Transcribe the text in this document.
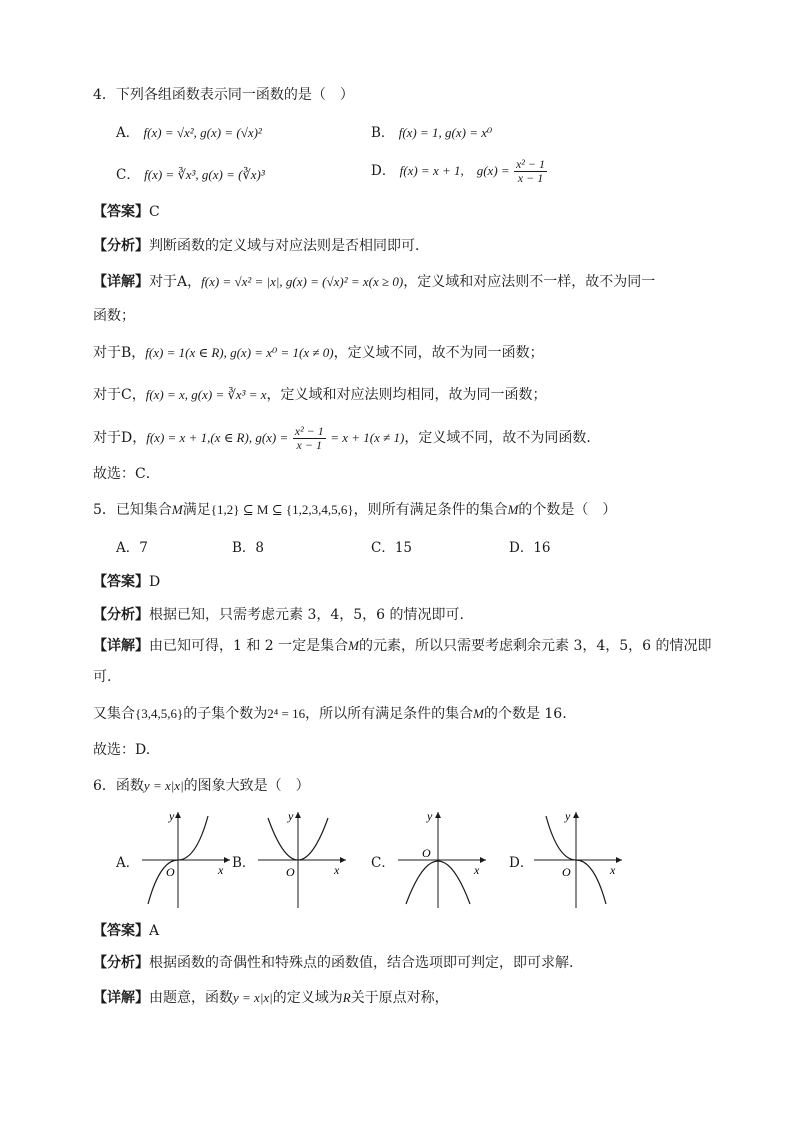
4．下列各组函数表示同一函数的是（　）
A． f(x) = √x², g(x) = (√x)²	B． f(x) = 1, g(x) = x⁰
C． f(x) = ∛x³, g(x) = (∛x)³	D． f(x) = x + 1,　$g(x) = \frac{\text{x² − 1}}{x - 1}$
【答案】C
【分析】判断函数的定义域与对应法则是否相同即可．
【详解】对于A，f(x) = √x² = |x|, g(x) = (√x)² = x(x ≥ 0)，定义域和对应法则不一样，故不为同一
函数；
对于B，f(x) = 1(x ∈ R), g(x) = x⁰ = 1(x ≠ 0)，定义域不同，故不为同一函数；
对于C，f(x) = x, g(x) = ∛x³ = x，定义域和对应法则均相同，故为同一函数；
对于D，f(x) = x + 1,(x ∈ R), $g(x) = \frac{\text{x² − 1}}{x - 1} = x + 1(x \ne 1)$，定义域不同，故不为同函数．
故选：C．
5．已知集合M满足{1,2} ⊆ M ⊆ {1,2,3,4,5,6}，则所有满足条件的集合M的个数是（　）
A．7	B．8	C．15	D．16
【答案】D
【分析】根据已知，只需考虑元素 3，4，5，6 的情况即可.
【详解】由已知可得，1 和 2 一定是集合M的元素，所以只需要考虑剩余元素 3，4，5，6 的情况即
可.
又集合{3,4,5,6}的子集个数为2⁴ = 16，所以所有满足条件的集合M的个数是 16.
故选：D.
6．函数y = x|x|的图象大致是（　）
A．
y
x
O
B．
y
x
O
C．
y
x
O
D．
y
x
O
【答案】A
【分析】根据函数的奇偶性和特殊点的函数值，结合选项即可判定，即可求解.
【详解】由题意，函数y = x|x|的定义域为R关于原点对称，
